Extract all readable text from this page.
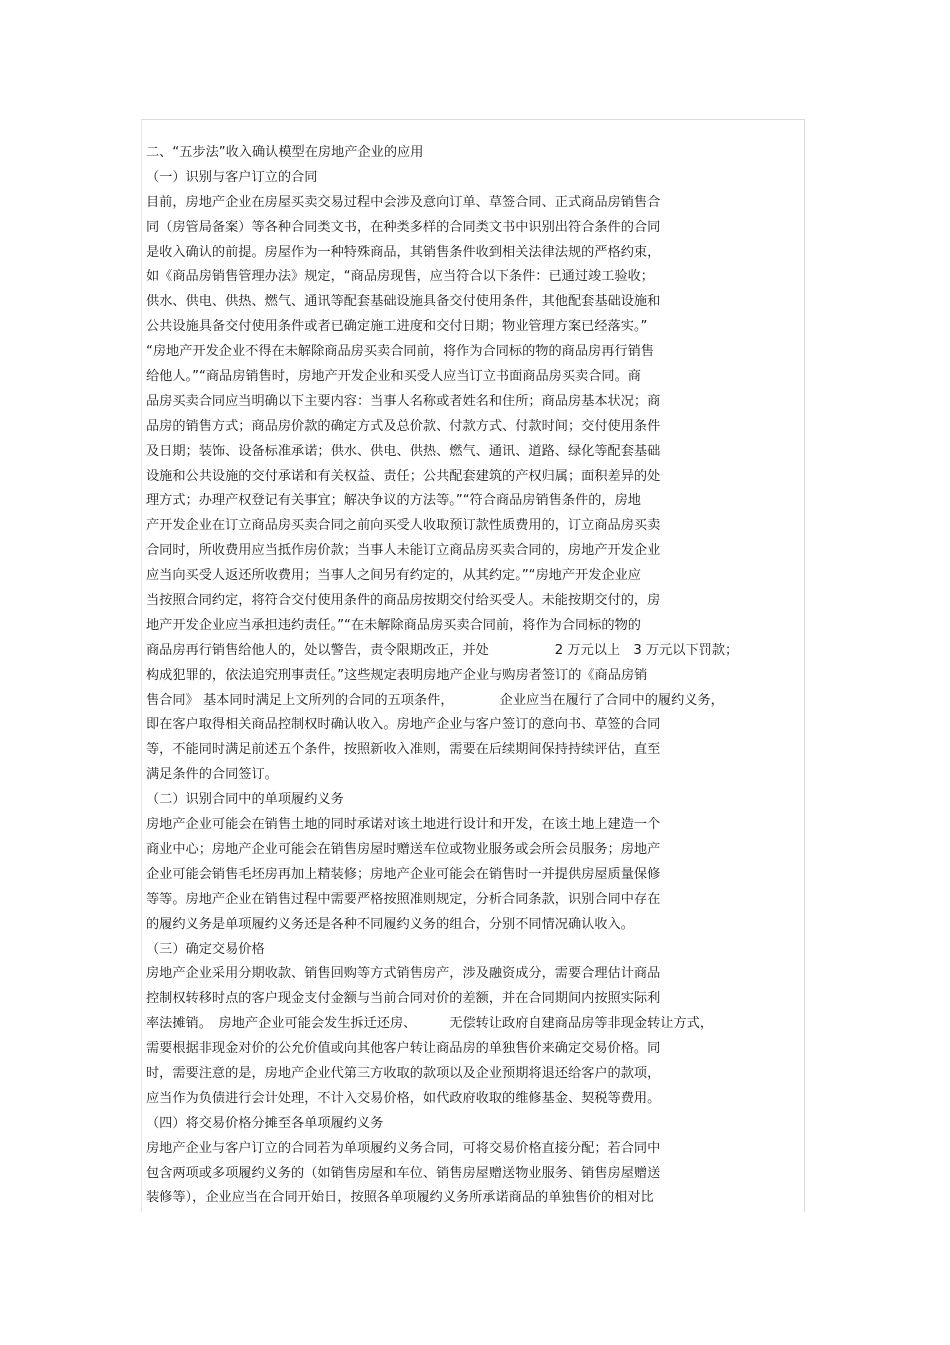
二、“五步法”收入确认模型在房地产企业的应用
（一）识别与客户订立的合同
目前，房地产企业在房屋买卖交易过程中会涉及意向订单、草签合同、正式商品房销售合
同（房管局备案）等各种合同类文书，在种类多样的合同类文书中识别出符合条件的合同
是收入确认的前提。房屋作为一种特殊商品，其销售条件收到相关法律法规的严格约束，
如《商品房销售管理办法》规定，“商品房现售，应当符合以下条件：已通过竣工验收；
供水、供电、供热、燃气、通讯等配套基础设施具备交付使用条件，其他配套基础设施和
公共设施具备交付使用条件或者已确定施工进度和交付日期；物业管理方案已经落实。”
“房地产开发企业不得在未解除商品房买卖合同前，将作为合同标的物的商品房再行销售
给他人。”“商品房销售时，房地产开发企业和买受人应当订立书面商品房买卖合同。商
品房买卖合同应当明确以下主要内容：当事人名称或者姓名和住所；商品房基本状况；商
品房的销售方式；商品房价款的确定方式及总价款、付款方式、付款时间；交付使用条件
及日期；装饰、设备标准承诺；供水、供电、供热、燃气、通讯、道路、绿化等配套基础
设施和公共设施的交付承诺和有关权益、责任；公共配套建筑的产权归属；面积差异的处
理方式；办理产权登记有关事宜；解决争议的方法等。”“符合商品房销售条件的，房地
产开发企业在订立商品房买卖合同之前向买受人收取预订款性质费用的，订立商品房买卖
合同时，所收费用应当抵作房价款；当事人未能订立商品房买卖合同的，房地产开发企业
应当向买受人返还所收费用；当事人之间另有约定的，从其约定。”“房地产开发企业应
当按照合同约定，将符合交付使用条件的商品房按期交付给买受人。未能按期交付的，房
地产开发企业应当承担违约责任。”“在未解除商品房买卖合同前，将作为合同标的物的
商品房再行销售给他人的，处以警告，责令限期改正，并处　　　　　2 万元以上　3 万元以下罚款；
构成犯罪的，依法追究刑事责任。”这些规定表明房地产企业与购房者签订的《商品房销
售合同》 基本同时满足上文所列的合同的五项条件，　　　　企业应当在履行了合同中的履约义务，
即在客户取得相关商品控制权时确认收入。房地产企业与客户签订的意向书、草签的合同
等，不能同时满足前述五个条件，按照新收入准则，需要在后续期间保持持续评估，直至
满足条件的合同签订。
（二）识别合同中的单项履约义务
房地产企业可能会在销售土地的同时承诺对该土地进行设计和开发，在该土地上建造一个
商业中心；房地产企业可能会在销售房屋时赠送车位或物业服务或会所会员服务；房地产
企业可能会销售毛坯房再加上精装修；房地产企业可能会在销售时一并提供房屋质量保修
等等。房地产企业在销售过程中需要严格按照准则规定，分析合同条款，识别合同中存在
的履约义务是单项履约义务还是各种不同履约义务的组合，分别不同情况确认收入。
（三）确定交易价格
房地产企业采用分期收款、销售回购等方式销售房产，涉及融资成分，需要合理估计商品
控制权转移时点的客户现金支付金额与当前合同对价的差额，并在合同期间内按照实际利
率法摊销。　房地产企业可能会发生拆迁还房、　　　无偿转让政府自建商品房等非现金转让方式，
需要根据非现金对价的公允价值或向其他客户转让商品房的单独售价来确定交易价格。同
时，需要注意的是，房地产企业代第三方收取的款项以及企业预期将退还给客户的款项，
应当作为负债进行会计处理，不计入交易价格，如代政府收取的维修基金、契税等费用。
（四）将交易价格分摊至各单项履约义务
房地产企业与客户订立的合同若为单项履约义务合同，可将交易价格直接分配；若合同中
包含两项或多项履约义务的（如销售房屋和车位、销售房屋赠送物业服务、销售房屋赠送
装修等），企业应当在合同开始日，按照各单项履约义务所承诺商品的单独售价的相对比
